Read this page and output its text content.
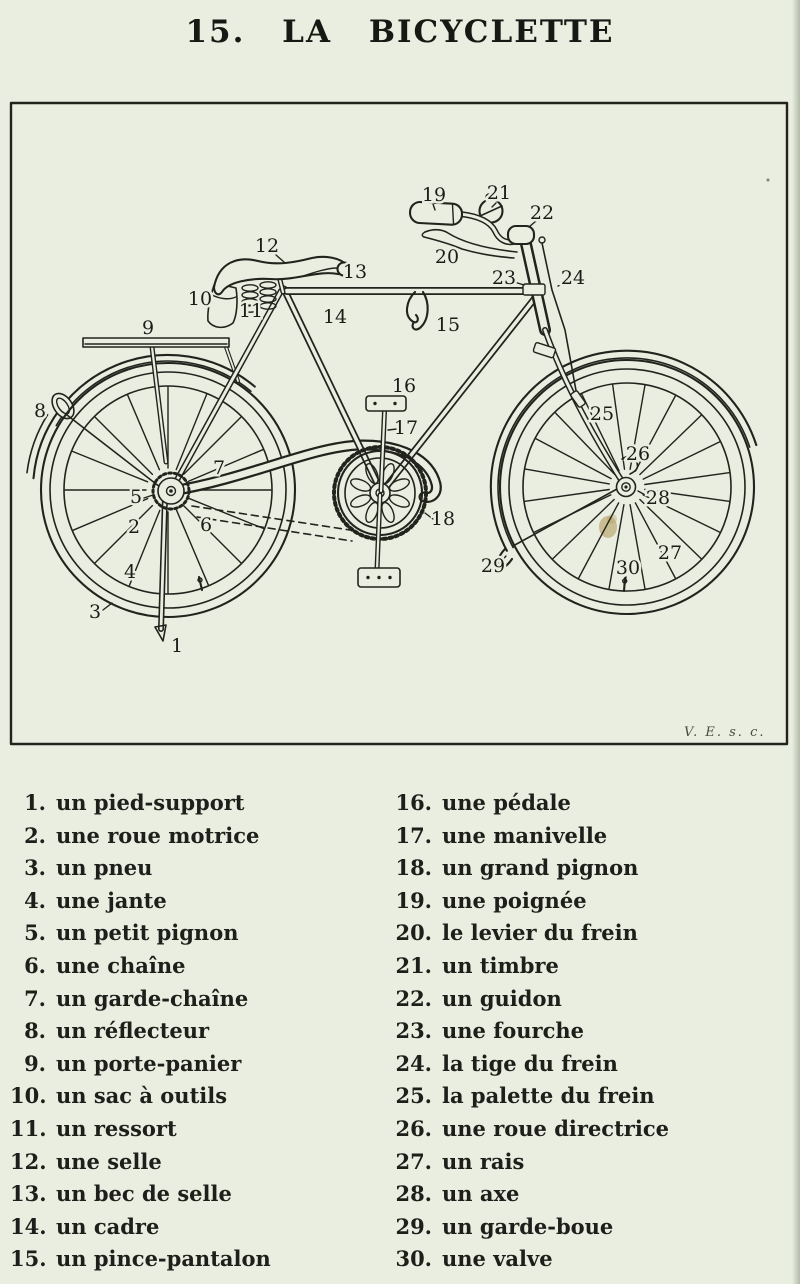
15. LA BICYCLETTE
1
2
3
4
5
6
7
8
9
10
11
12
13
14	15
16
17
18
19
20
21
22
23 24
25
26
27
28
29	30
V. E. s. c.
1. un pied-support
2. une roue motrice
3. un pneu
4. une jante
5. un petit pignon
6. une chaîne
7. un garde-chaîne
8. un réflecteur
9. un porte-panier
10. un sac à outils
11. un ressort
12. une selle
13. un bec de selle
14. un cadre
15. un pince-pantalon
16. une pédale
17. une manivelle
18. un grand pignon
19. une poignée
20. le levier du frein
21. un timbre
22. un guidon
23. une fourche
24. la tige du frein
25. la palette du frein
26. une roue directrice
27. un rais
28. un axe
29. un garde-boue
30. une valve
